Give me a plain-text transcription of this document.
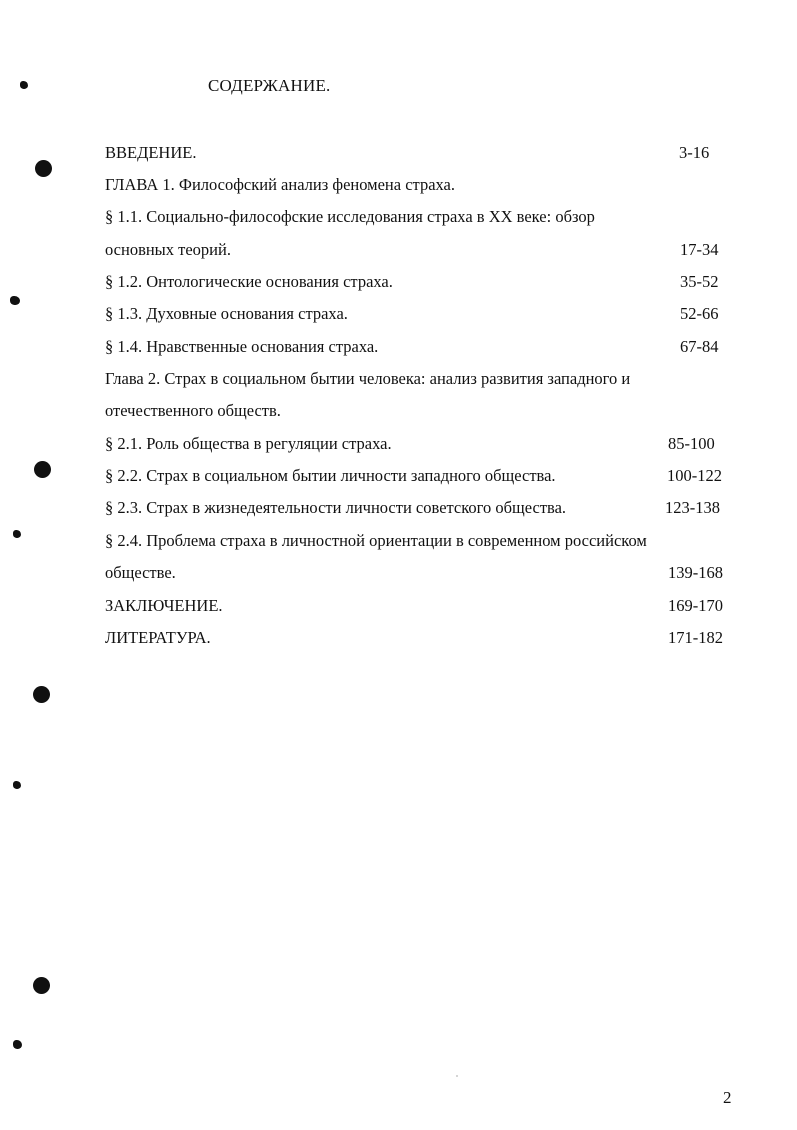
СОДЕРЖАНИЕ.
ВВЕДЕНИЕ.	3-16
ГЛАВА 1. Философский анализ феномена страха.
§ 1.1. Социально-философские исследования страха в XX веке: обзор
основных теорий.	17-34
§ 1.2. Онтологические основания страха.	35-52
§ 1.3. Духовные основания страха.	52-66
§ 1.4. Нравственные основания страха.	67-84
Глава 2. Страх в социальном бытии человека: анализ развития западного и
отечественного обществ.
§ 2.1. Роль общества в регуляции страха.	85-100
§ 2.2. Страх в социальном бытии личности западного общества.	100-122
§ 2.3. Страх в жизнедеятельности личности советского общества.	123-138
§ 2.4. Проблема страха в личностной ориентации в современном российском
обществе.	139-168
ЗАКЛЮЧЕНИЕ.	169-170
ЛИТЕРАТУРА.	171-182
2
